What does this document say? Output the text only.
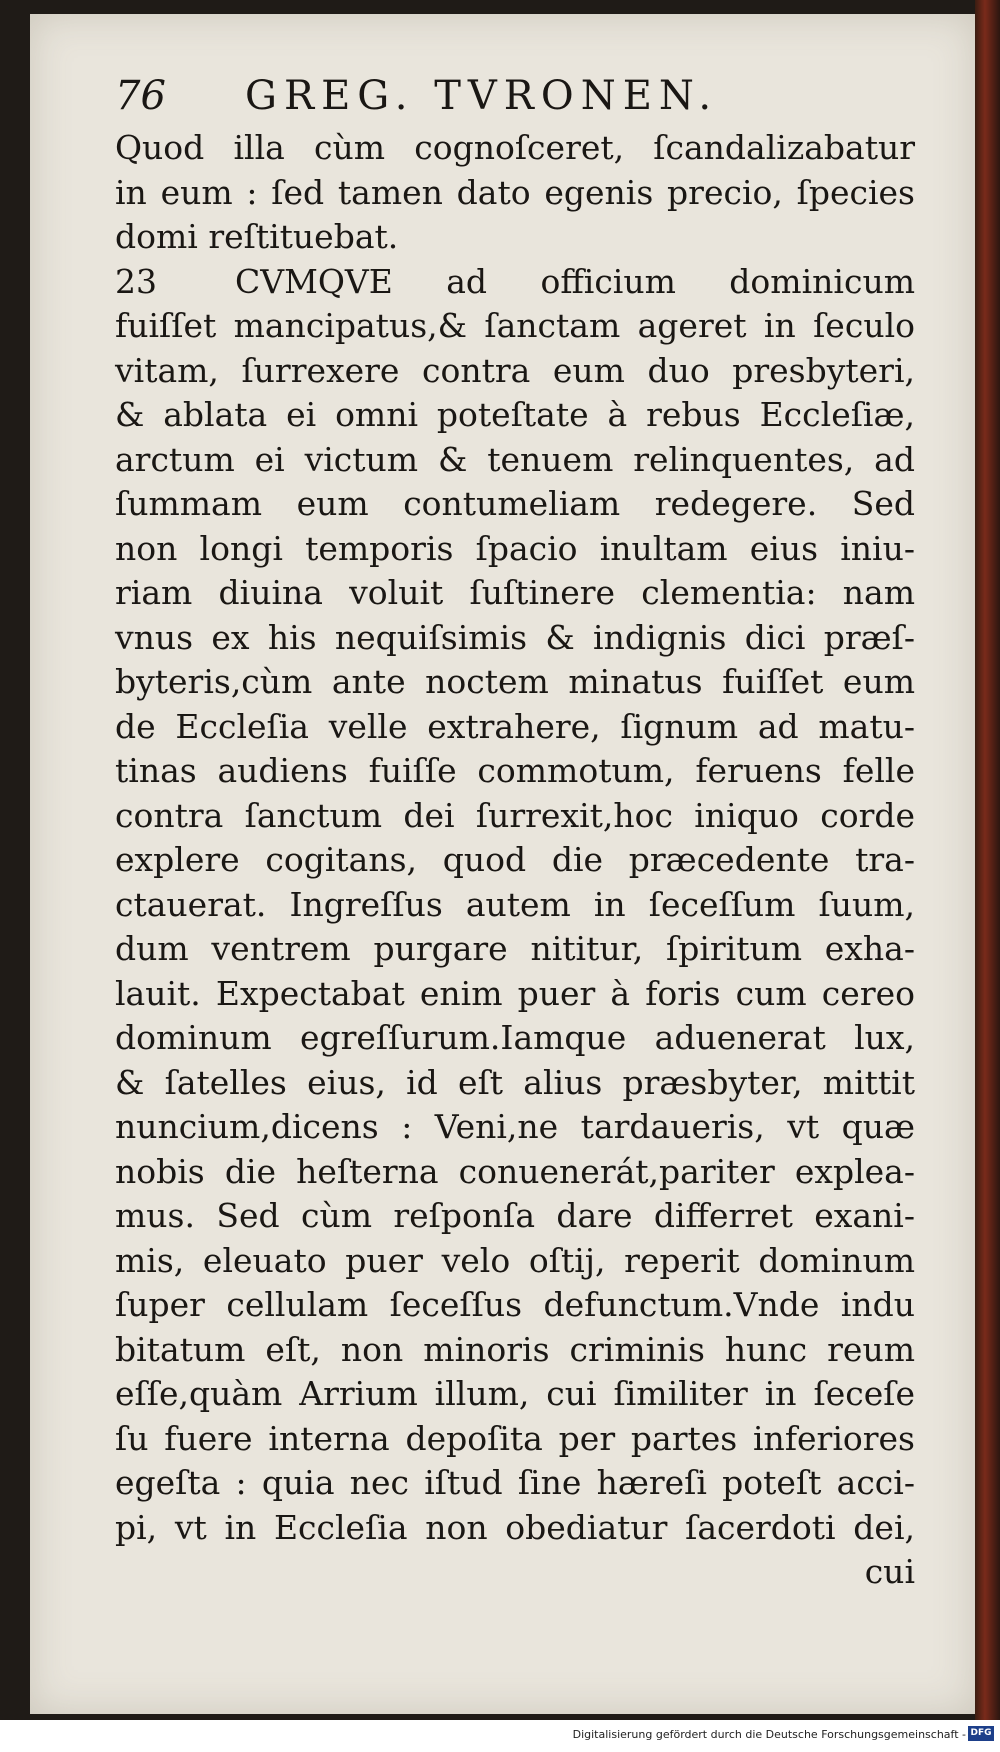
76 GREG. TVRONEN.
Quod illa cùm cognoſceret, ſcandalizabatur
in eum : ſed tamen dato egenis precio, ſpecies
domi reſtituebat.
23 CVMQVE ad officium dominicum
fuiſſet mancipatus,& ſanctam ageret in ſeculo
vitam, ſurrexere contra eum duo presbyteri,
& ablata ei omni poteſtate à rebus Eccleſiæ,
arctum ei victum & tenuem relinquentes, ad
ſummam eum contumeliam redegere. Sed
non longi temporis ſpacio inultam eius iniu-
riam diuina voluit ſuſtinere clementia: nam
vnus ex his nequiſsimis & indignis dici præſ-
byteris,cùm ante noctem minatus fuiſſet eum
de Eccleſia velle extrahere, ſignum ad matu-
tinas audiens fuiſſe commotum, feruens felle
contra ſanctum dei ſurrexit,hoc iniquo corde
explere cogitans, quod die præcedente tra-
ctauerat. Ingreſſus autem in ſeceſſum ſuum,
dum ventrem purgare nititur, ſpiritum exha-
lauit. Expectabat enim puer à foris cum cereo
dominum egreſſurum.Iamque aduenerat lux,
& ſatelles eius, id eſt alius præsbyter, mittit
nuncium,dicens : Veni,ne tardaueris, vt quæ
nobis die heſterna conuenerát,pariter explea-
mus. Sed cùm reſponſa dare differret exani-
mis, eleuato puer velo oſtij, reperit dominum
ſuper cellulam ſeceſſus defunctum.Vnde indu
bitatum eſt, non minoris criminis hunc reum
eſſe,quàm Arrium illum, cui ſimiliter in ſeceſe
ſu fuere interna depoſita per partes inferiores
egeſta : quia nec iſtud ſine hæreſi poteſt acci-
pi, vt in Eccleſia non obediatur ſacerdoti dei,
cui
Digitalisierung gefördert durch die Deutsche Forschungsgemeinschaft - DFG
